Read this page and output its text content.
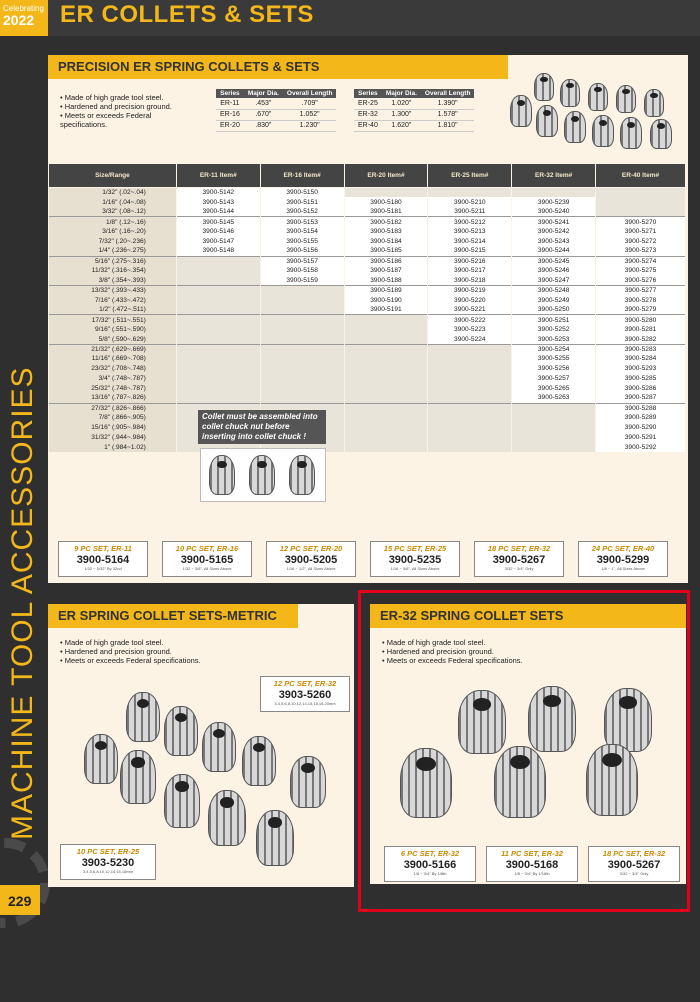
Celebrating
2022	ER COLLETS & SETS
MACHINE TOOL ACCESSORIES
229
PRECISION ER SPRING COLLETS & SETS
• Made of high grade tool steel.
• Hardened and precision ground.
• Meets or exceeds Federal specifications.
Series	Major Dia.	Overall Length
ER-11	.453"	.709"
ER-16	.670"	1.052"
ER-20	.830"	1.230"
Series	Major Dia.	Overall Length
ER-25	1.020"	1.390"
ER-32	1.300"	1.578"
ER-40	1.620"	1.810"
Size/Range	ER-11 Item#	ER-16 Item#	ER-20 Item#	ER-25 Item#	ER-32 Item#	ER-40 Item#
1/32" (.02~.04)	3900-5142	3900-5150				
1/16" (.04~.08)	3900-5143	3900-5151	3900-5180	3900-5210	3900-5239	
3/32" (.08~.12)	3900-5144	3900-5152	3900-5181	3900-5211	3900-5240	
1/8" (.12~.16)	3900-5145	3900-5153	3900-5182	3900-5212	3900-5241	3900-5270
3/16" (.16~.20)	3900-5146	3900-5154	3900-5183	3900-5213	3900-5242	3900-5271
7/32" (.20~.236)	3900-5147	3900-5155	3900-5184	3900-5214	3900-5243	3900-5272
1/4" (.236~.275)	3900-5148	3900-5156	3900-5185	3900-5215	3900-5244	3900-5273
5/16" (.275~.316)		3900-5157	3900-5186	3900-5216	3900-5245	3900-5274
11/32" (.316~.354)		3900-5158	3900-5187	3900-5217	3900-5246	3900-5275
3/8" (.354~.393)		3900-5159	3900-5188	3900-5218	3900-5247	3900-5276
13/32" (.393~.433)			3900-5189	3900-5219	3900-5248	3900-5277
7/16" (.433~.472)			3900-5190	3900-5220	3900-5249	3900-5278
1/2" (.472~.511)			3900-5191	3900-5221	3900-5250	3900-5279
17/32" (.511~.551)				3900-5222	3900-5251	3900-5280
9/16" (.551~.590)				3900-5223	3900-5252	3900-5281
5/8" (.590~.629)				3900-5224	3900-5253	3900-5282
21/32" (.629~.669)					3900-5254	3900-5283
11/16" (.669~.708)					3900-5255	3900-5284
23/32" (.708~.748)					3900-5256	3900-5293
3/4" (.748~.787)					3900-5257	3900-5285
25/32" (.748~.787)					3900-5265	3900-5286
13/16" (.787~.826)					3900-5263	3900-5287
27/32" (.826~.866)						3900-5288
7/8" (.866~.905)						3900-5289
15/16" (.905~.984)						3900-5290
31/32" (.944~.984)						3900-5291
1" (.984~1.02)						3900-5292
Collet must be assembled into collet chuck nut before inserting into collet chuck !
9 PC SET, ER-11
3900-5164
1/32 ~ 5/32" By 32nd
10 PC SET, ER-16
3900-5165
1/32 ~ 3/8", All Sizes Above
12 PC SET, ER-20
3900-5205
1/16 ~ 1/2", All Sizes Above
15 PC SET, ER-25
3900-5235
1/16 ~ 5/8", All Sizes Above
18 PC SET, ER-32
3900-5267
3/32 ~ 3/4" Only
24 PC SET, ER-40
3900-5299
1/8 ~ 1", All Sizes Above
ER SPRING COLLET SETS-METRIC
• Made of high grade tool steel.
• Hardened and precision ground.
• Meets or exceeds Federal specifications.
12 PC SET, ER-32
3903-5260
3,4,5,6,8,10,12,14,15,16,18,20mm
10 PC SET, ER-25
3903-5230
3,4,5,6,8,10,12,14,15,16mm
ER-32 SPRING COLLET SETS
• Made of high grade tool steel.
• Hardened and precision ground.
• Meets or exceeds Federal specifications.
6 PC SET, ER-32
3900-5166
1/8 ~ 3/4" By 1/8th
11 PC SET, ER-32
3900-5168
1/8 ~ 3/4" By 1/16th
18 PC SET, ER-32
3900-5267
3/32 ~ 3/4" Only
